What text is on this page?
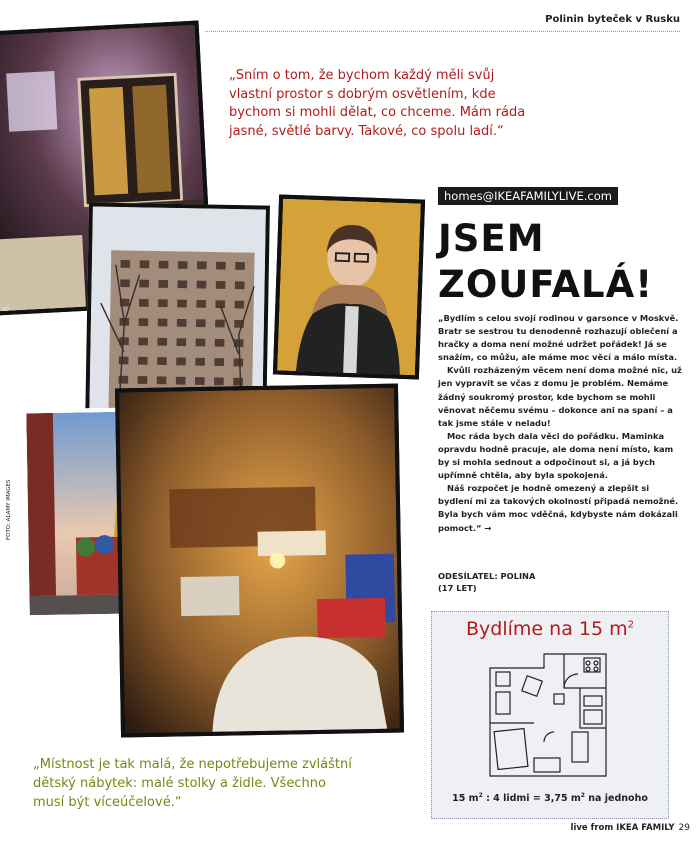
Polinin byteček v Rusku
KO
„Sním o tom, že bychom každý měli svůj vlastní prostor s dobrým osvětlením, kde bychom si mohli dělat, co chceme. Mám ráda jasné, světlé barvy. Takové, co spolu ladí.“
homes@IKEAFAMILYLIVE.com
JSEM ZOUFALÁ!

„Bydlím s celou svojí rodinou v garsonce v Moskvě. Bratr se sestrou tu denodenně rozhazují oblečení a hračky a doma není možné udržet pořádek! Já se snažím, co můžu, ale máme moc věcí a málo místa.

Kvůli rozházeným věcem není doma možné nic, už jen vypravit se včas z domu je problém. Nemáme žádný soukromý prostor, kde bychom se mohli věnovat něčemu svému – dokonce ani na spaní – a tak jsme stále v neladu!

Moc ráda bych dala věci do pořádku. Maminka opravdu hodně pracuje, ale doma není místo, kam by si mohla sednout a odpočinout si, a já bych upřímně chtěla, aby byla spokojená.

Náš rozpočet je hodně omezený a zlepšit si bydlení mi za takových okolností připadá nemožné. Byla bych vám moc vděčná, kdybyste nám dokázali pomoct.“ →

ODESÍLATEL: POLINA
(17 LET)
FOTO: ALAMY IMAGES
Bydlíme na 15 $m^2$
15 $m^2$ : 4 lidmi = 3,75 $m^2$ na jednoho
„Místnost je tak malá, že nepotřebujeme zvláštní dětský nábytek: malé stolky a židle. Všechno musí být víceúčelové.“
live from IKEA FAMILY 29
